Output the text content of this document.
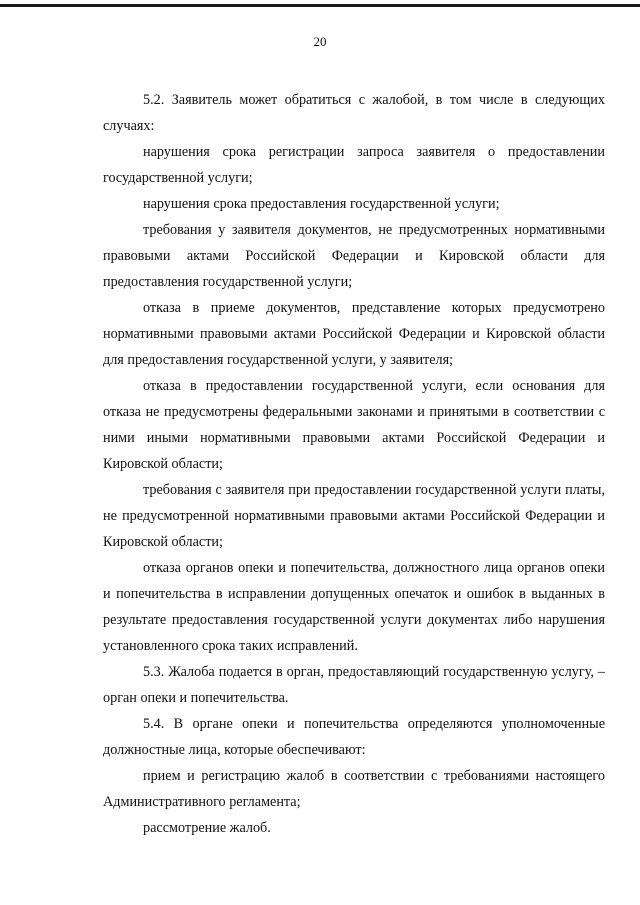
20

5.2. Заявитель может обратиться с жалобой, в том числе в следующих случаях:

нарушения срока регистрации запроса заявителя о предоставлении государственной услуги;

нарушения срока предоставления государственной услуги;

требования у заявителя документов, не предусмотренных нормативными правовыми актами Российской Федерации и Кировской области для предоставления государственной услуги;

отказа в приеме документов, представление которых предусмотрено нормативными правовыми актами Российской Федерации и Кировской области для предоставления государственной услуги, у заявителя;

отказа в предоставлении государственной услуги, если основания для отказа не предусмотрены федеральными законами и принятыми в соответствии с ними иными нормативными правовыми актами Российской Федерации и Кировской области;

требования с заявителя при предоставлении государственной услуги платы, не предусмотренной нормативными правовыми актами Российской Федерации и Кировской области;

отказа органов опеки и попечительства, должностного лица органов опеки и попечительства в исправлении допущенных опечаток и ошибок в выданных в результате предоставления государственной услуги документах либо нарушения установленного срока таких исправлений.

5.3. Жалоба подается в орган, предоставляющий государственную услугу, – орган опеки и попечительства.

5.4. В органе опеки и попечительства определяются уполномоченные должностные лица, которые обеспечивают:

прием и регистрацию жалоб в соответствии с требованиями настоящего Административного регламента;

рассмотрение жалоб.
